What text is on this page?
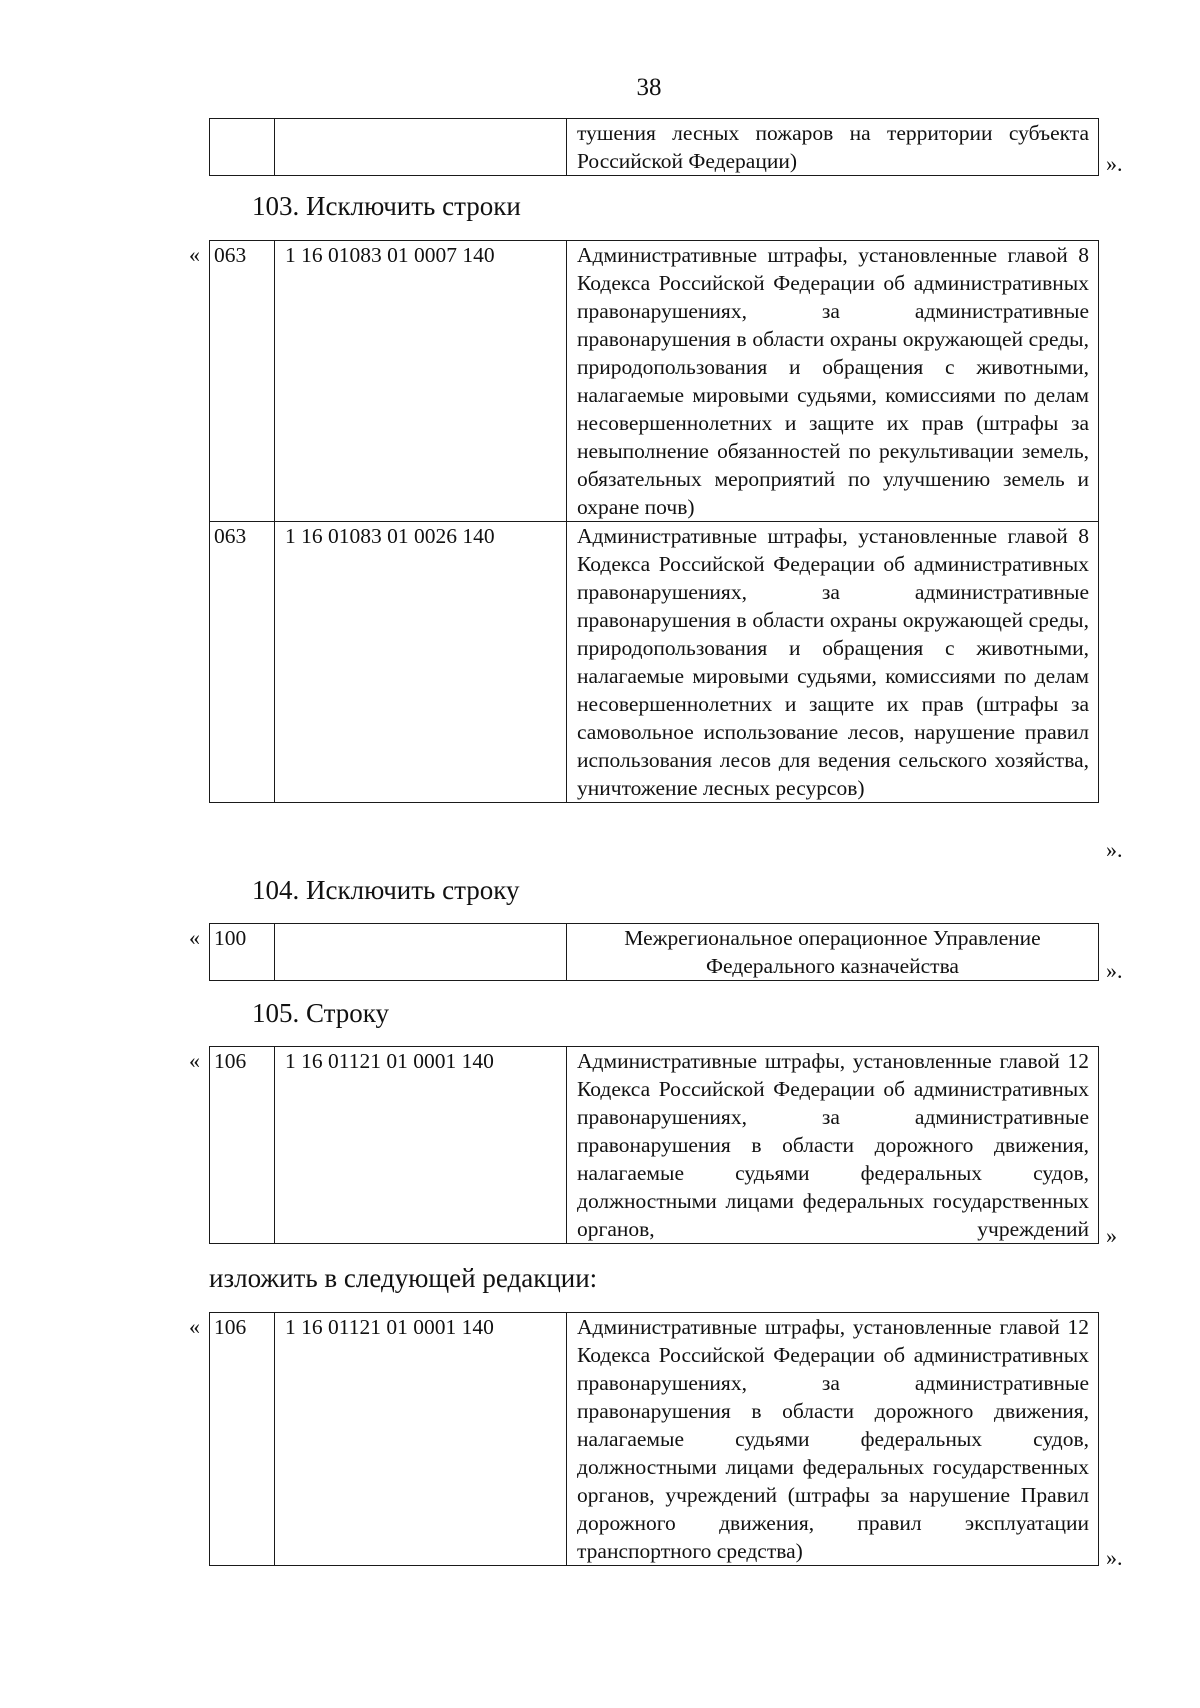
38
		тушения лесных пожаров на территории субъекта Российской Федерации)	».
103. Исключить строки
« 063	1 16 01083 01 0007 140	Административные штрафы, установленные главой 8 Кодекса Российской Федерации об административных правонарушениях, за административные правонарушения в области охраны окружающей среды, природопользования и обращения с животными, налагаемые мировыми судьями, комиссиями по делам несовершеннолетних и защите их прав (штрафы за невыполнение обязанностей по рекультивации земель, обязательных мероприятий по улучшению земель и охране почв)
063	1 16 01083 01 0026 140	Административные штрафы, установленные главой 8 Кодекса Российской Федерации об административных правонарушениях, за административные правонарушения в области охраны окружающей среды, природопользования и обращения с животными, налагаемые мировыми судьями, комиссиями по делам несовершеннолетних и защите их прав (штрафы за самовольное использование лесов, нарушение правил использования лесов для ведения сельского хозяйства, уничтожение лесных ресурсов)
».
104. Исключить строку
« 100		Межрегиональное операционное Управление Федерального казначейства	».
105. Строку
« 106	1 16 01121 01 0001 140	Административные штрафы, установленные главой 12 Кодекса Российской Федерации об административных правонарушениях, за административные правонарушения в области дорожного движения, налагаемые судьями федеральных судов, должностными лицами федеральных государственных органов, учреждений »
изложить в следующей редакции:
« 106	1 16 01121 01 0001 140	Административные штрафы, установленные главой 12 Кодекса Российской Федерации об административных правонарушениях, за административные правонарушения в области дорожного движения, налагаемые судьями федеральных судов, должностными лицами федеральных государственных органов, учреждений (штрафы за нарушение Правил дорожного движения, правил эксплуатации транспортного средства)	».
